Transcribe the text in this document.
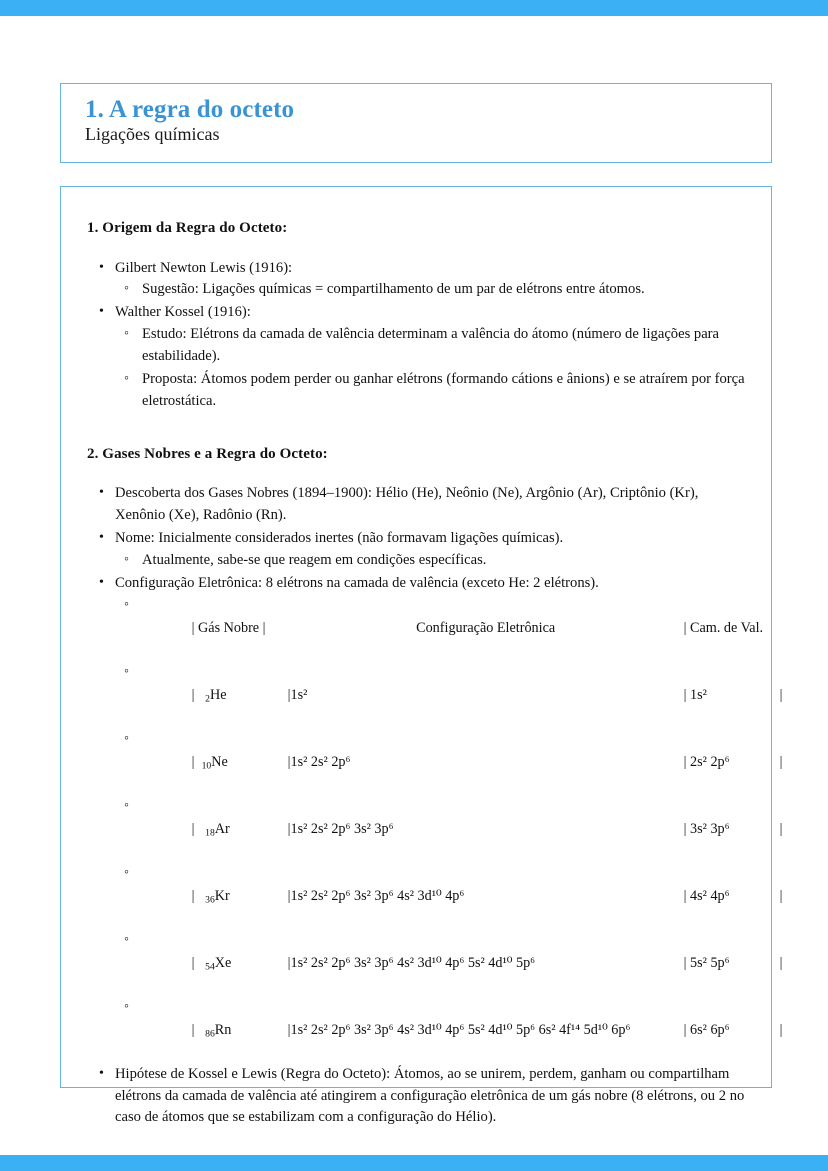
1. A regra do octeto
Ligações químicas
1. Origem da Regra do Octeto:
• Gilbert Newton Lewis (1916):
◦ Sugestão: Ligações químicas = compartilhamento de um par de elétrons entre átomos.
• Walther Kossel (1916):
◦ Estudo: Elétrons da camada de valência determinam a valência do átomo (número de ligações para estabilidade).
◦ Proposta: Átomos podem perder ou ganhar elétrons (formando cátions e ânions) e se atraírem por força eletrostática.
2. Gases Nobres e a Regra do Octeto:
• Descoberta dos Gases Nobres (1894–1900): Hélio (He), Neônio (Ne), Argônio (Ar), Criptônio (Kr), Xenônio (Xe), Radônio (Rn).
• Nome: Inicialmente considerados inertes (não formavam ligações químicas).
◦ Atualmente, sabe-se que reagem em condições específicas.
• Configuração Eletrônica: 8 elétrons na camada de valência (exceto He: 2 elétrons).

◦ | Gás Nobre |	Configuração Eletrônica	| Cam. de Val.

◦ | $_2$He	|1s²	| 1s²	|

◦ | $_{10}$Ne	|1s² 2s² 2p⁶	| 2s² 2p⁶	|

◦ | $_{18}$Ar	|1s² 2s² 2p⁶ 3s² 3p⁶	| 3s² 3p⁶	|

◦ | $_{36}$Kr	|1s² 2s² 2p⁶ 3s² 3p⁶ 4s² 3d¹⁰ 4p⁶	| 4s² 4p⁶	|

◦ | $_{54}$Xe	|1s² 2s² 2p⁶ 3s² 3p⁶ 4s² 3d¹⁰ 4p⁶ 5s² 4d¹⁰ 5p⁶	| 5s² 5p⁶	|

◦ | $_{86}$Rn	|1s² 2s² 2p⁶ 3s² 3p⁶ 4s² 3d¹⁰ 4p⁶ 5s² 4d¹⁰ 5p⁶ 6s² 4f¹⁴ 5d¹⁰ 6p⁶	| 6s² 6p⁶	|

• Hipótese de Kossel e Lewis (Regra do Octeto): Átomos, ao se unirem, perdem, ganham ou compartilham elétrons da camada de valência até atingirem a configuração eletrônica de um gás nobre (8 elétrons, ou 2 no caso de átomos que se estabilizam com a configuração do Hélio).
